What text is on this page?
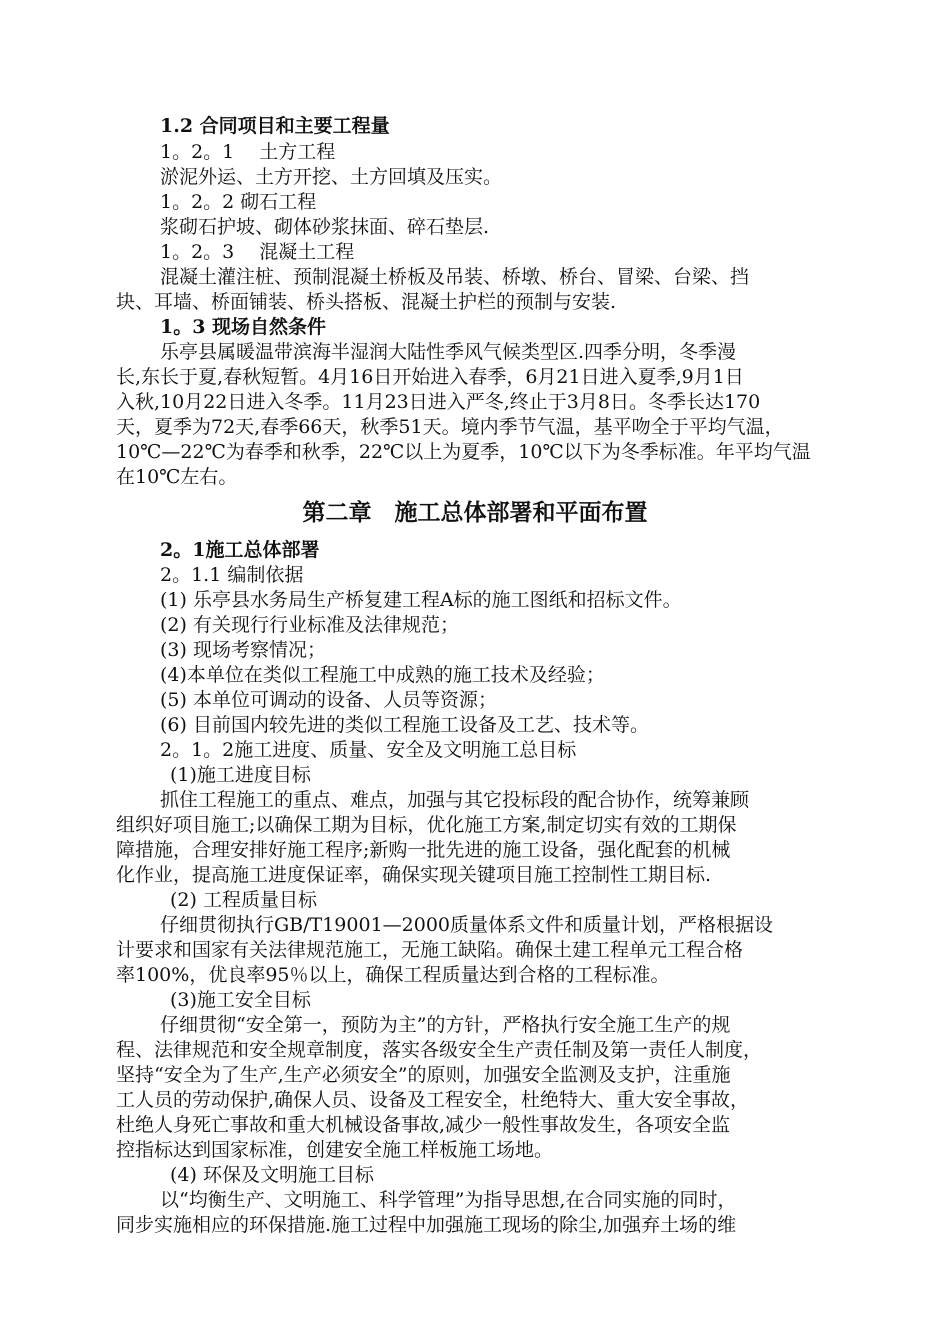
1.2 合同项目和主要工程量
1。2。1　 土方工程
淤泥外运、土方开挖、土方回填及压实。
1。2。2 砌石工程
浆砌石护坡、砌体砂浆抹面、碎石垫层.
1。2。3　 混凝土工程
混凝土灌注桩、预制混凝土桥板及吊装、桥墩、桥台、冒梁、台梁、挡
块、耳墙、桥面铺装、桥头搭板、混凝土护栏的预制与安装.
1。3 现场自然条件
乐亭县属暖温带滨海半湿润大陆性季风气候类型区.四季分明，冬季漫
长,东长于夏,春秋短暂。4月16日开始进入春季，6月21日进入夏季,9月1日
入秋,10月22日进入冬季。11月23日进入严冬,终止于3月8日。冬季长达170
天，夏季为72天,春季66天，秋季51天。境内季节气温，基平吻全于平均气温，
10℃—22℃为春季和秋季，22℃以上为夏季，10℃以下为冬季标准。年平均气温
在10℃左右。
2。1施工总体部署
2。1.1 编制依据
(1) 乐亭县水务局生产桥复建工程A标的施工图纸和招标文件。
(2) 有关现行行业标准及法律规范；
(3) 现场考察情况；
(4)本单位在类似工程施工中成熟的施工技术及经验；
(5) 本单位可调动的设备、人员等资源；
(6) 目前国内较先进的类似工程施工设备及工艺、技术等。
2。1。2施工进度、质量、安全及文明施工总目标
(1)施工进度目标
抓住工程施工的重点、难点，加强与其它投标段的配合协作，统筹兼顾
组织好项目施工;以确保工期为目标，优化施工方案,制定切实有效的工期保
障措施，合理安排好施工程序;新购一批先进的施工设备，强化配套的机械
化作业，提高施工进度保证率，确保实现关键项目施工控制性工期目标.
(2) 工程质量目标
仔细贯彻执行GB/T19001—2000质量体系文件和质量计划，严格根据设
计要求和国家有关法律规范施工，无施工缺陷。确保土建工程单元工程合格
率100%，优良率95％以上，确保工程质量达到合格的工程标准。
(3)施工安全目标
仔细贯彻“安全第一，预防为主”的方针，严格执行安全施工生产的规
程、法律规范和安全规章制度，落实各级安全生产责任制及第一责任人制度，
坚持“安全为了生产,生产必须安全”的原则，加强安全监测及支护，注重施
工人员的劳动保护,确保人员、设备及工程安全，杜绝特大、重大安全事故，
杜绝人身死亡事故和重大机械设备事故,减少一般性事故发生，各项安全监
控指标达到国家标准，创建安全施工样板施工场地。
(4) 环保及文明施工目标
以“均衡生产、文明施工、科学管理”为指导思想,在合同实施的同时，
同步实施相应的环保措施.施工过程中加强施工现场的除尘,加强弃土场的维
第二章　施工总体部署和平面布置
